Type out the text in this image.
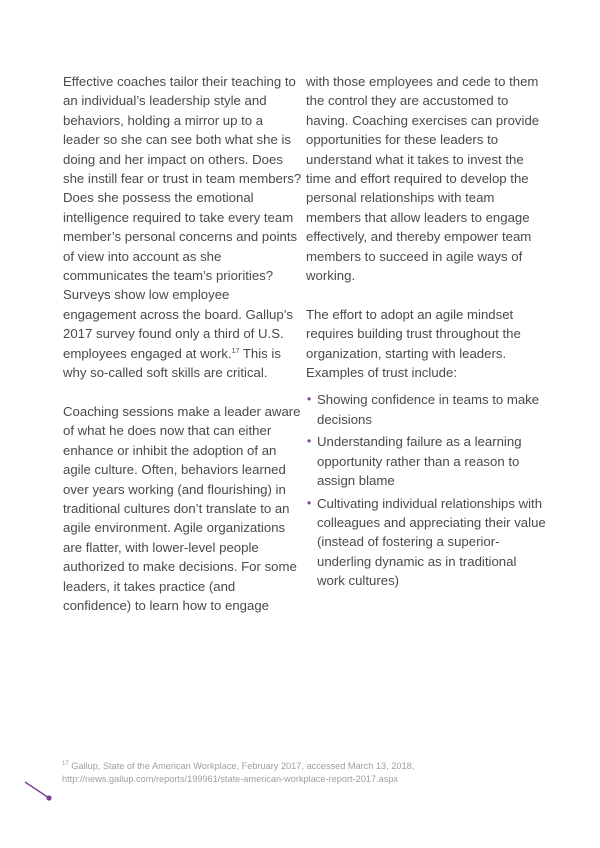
Effective coaches tailor their teaching to an individual’s leadership style and behaviors, holding a mirror up to a leader so she can see both what she is doing and her impact on others. Does she instill fear or trust in team members? Does she possess the emotional intelligence required to take every team member’s personal concerns and points of view into account as she communicates the team’s priorities? Surveys show low employee engagement across the board. Gallup’s 2017 survey found only a third of U.S. employees engaged at work.$^{17}$ This is why so-called soft skills are critical.

Coaching sessions make a leader aware of what he does now that can either enhance or inhibit the adoption of an agile culture. Often, behaviors learned over years working (and flourishing) in traditional cultures don’t translate to an agile environment. Agile organizations are flatter, with lower-level people authorized to make decisions. For some leaders, it takes practice (and confidence) to learn how to engage

with those employees and cede to them the control they are accustomed to having. Coaching exercises can provide opportunities for these leaders to understand what it takes to invest the time and effort required to develop the personal relationships with team members that allow leaders to engage effectively, and thereby empower team members to succeed in agile ways of working.

The effort to adopt an agile mindset requires building trust throughout the organization, starting with leaders. Examples of trust include:

• Showing confidence in teams to make decisions
• Understanding failure as a learning opportunity rather than a reason to assign blame
• Cultivating individual relationships with colleagues and appreciating their value (instead of fostering a superior-underling dynamic as in traditional work cultures)
$^{17}$ Gallup, State of the American Workplace, February 2017, accessed March 13, 2018, http://news.gallup.com/reports/199961/state-american-workplace-report-2017.aspx
